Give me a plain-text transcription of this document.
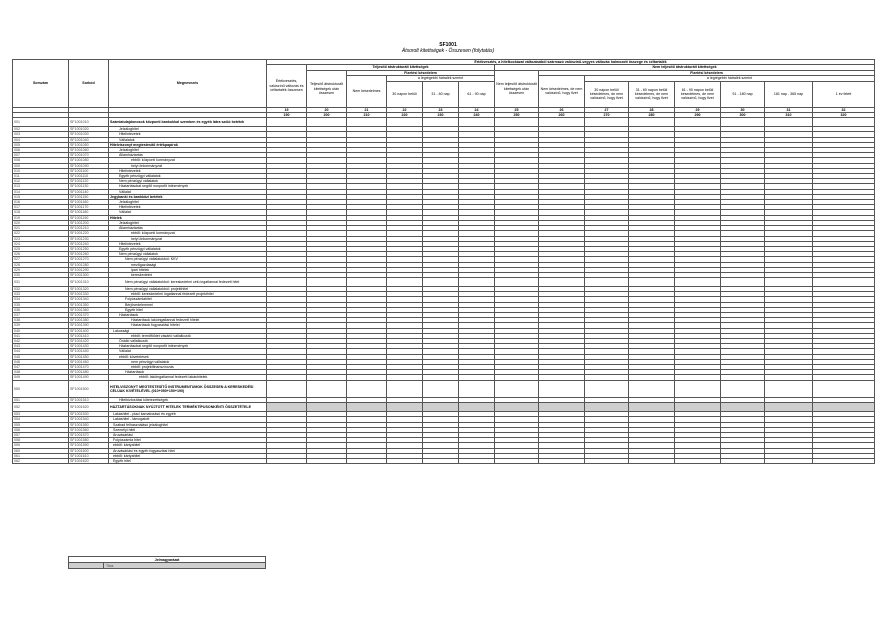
SF1001
Átsorolt kitettségek - Összesen (folytatás)
Sorszám	Sorkód	Megnevezés	Értékvesztés, a hitelkockázat változásából származó valószínű-vegyes változás halmozott összege és céltartalék													
			Értékvesztés, valószínű változás és céltartalék összesen	Teljesítő átstrukturált kitettségek					Nem teljesítő átstrukturált kitettségek							
				Teljesítő átstrukturált kitettségek után összesen	Fizetési késedelem				Nem teljesítő átstrukturált kitettségek után összesen	Fizetési késedelem						
					Nem késedelmes	a legrégebbi hátralék szerint				Nem késedelmes, de nem valószínű, hogy fizet	a legrégebbi hátralék szerint					
						30 napon belüli	31 - 60 nap	61 - 90 nap			30 napon belüli késedelmes, de nem valószínű, hogy fizet	31 - 60 napon belüli késedelmes, de nem valószínű, hogy fizet	61 - 90 napon belüli késedelmes, de nem valószínű, hogy fizet	91 - 180 nap	181 nap - 365 nap	1 év felett
			19	20	21	22	23	24	25	26	27	28	29	30	31	32
			190	200	210	220	230	240	250	260	270	280	290	300	310	320
001	SF1001010	Számlatulajdonosok központi bankokkal szemben és egyéb látra szóló betétek														
002	SF1001020	Jelzáloghitel														
003	SF1001030	Hitelintézetek														
004	SF1001040	Vállalatok														
005	SF1001050	Hitelviszonyt megtestesítő értékpapírok														
006	SF1001060	Jelzáloghitel														
007	SF1001070	Államháztartás														
008	SF1001080	ebből: központi kormányzat														
009	SF1001090	helyi önkormányzat														
010	SF1001100	Hitelintézetek														
011	SF1001110	Egyéb pénzügyi vállalatok														
012	SF1001120	Nem pénzügyi vállalatok														
013	SF1001130	Háztartásokat segítő nonprofit intézmények														
014	SF1001140	Vállalat														
015	SF1001150	Jegybanki és bankközi betétek														
016	SF1001160	Jelzáloghitel														
017	SF1001170	Hitelintézetek														
018	SF1001180	Vállalat														
019	SF1001190	Hitelek														
020	SF1001200	Jelzáloghitel														
021	SF1001210	Államháztartás														
022	SF1001220	ebből: központi kormányzat														
023	SF1001230	helyi önkormányzat														
024	SF1001240	Hitelintézetek														
025	SF1001250	Egyéb pénzügyi vállalatok														
026	SF1001260	Nem pénzügyi vállalatok														
027	SF1001270	Nem pénzügyi vállalatokból: KKV														
028	SF1001280	mezőgazdasági														
029	SF1001290	ipari hitelek														
030	SF1001300	kereskedelmi														
031	SF1001310	Nem pénzügyi vállalatokból: kereskedelmi célú ingatlannal fedezett hitel														
032	SF1001320	Nem pénzügyi vállalatokból: projekthitel														
033	SF1001330	ebből: kereskedelmi ingatlannal fedezett projekthitel														
034	SF1001340	Folyószámlahitel														
035	SF1001350	Bérjövedelemmel														
036	SF1001360	Egyéb hitel														
037	SF1001370	Háztartások														
038	SF1001380	Háztartások lakóingatlannal fedezett hitelei														
039	SF1001390	Háztartások fogyasztási hitelei														
040	SF1001400	Lakossági														
041	SF1001410	ebből: termőföldet vásárló vállalkozók														
042	SF1001420	Önálló vállalkozók														
043	SF1001430	Háztartásokat segítő nonprofit intézmények														
044	SF1001440	Vállalat														
045	SF1001450	ebből: követelések														
046	SF1001460	nem pénzügyi vállalatok														
047	SF1001470	ebből: projektfinanszírozás														
048	SF1001480	Háztartások														
049	SF1001490	ebből: lakóingatlannal fedezett lakáshitelek														
050	SF1001500	HITELVISZONYT MEGTESTESÍTŐ INSTRUMENTUMOK ÖSSZESEN A KERESKEDÉSI CÉLÚAK KIVÉTELÉVEL (010+050+150+190)														
051	SF1001510	Hitelbiztosítási kötelezettségek														
052	SF1001520	HÁZTARTÁSOKNAK NYÚJTOTT HITELEK TERMÉKTÍPUSONKÉNTI ÖSSZETÉTELE														
053	SF1001530	Lakáshitel - piaci kamatozású és egyéb														
054	SF1001540	Lakáshitel - támogatott														
055	SF1001550	Szabad felhasználású jelzáloghitel														
056	SF1001560	Személyi hitel														
057	SF1001570	Áruvásárlási														
058	SF1001580	Folyószámla hitel														
059	SF1001590	ebből: kártyahitel														
060	SF1001600	Áruvásárlási és egyéb fogyasztási hitel														
061	SF1001610	ebből: kártyahitel														
062	SF1001620	Egyéb hitel														
Jelmagyarázat
	Tilos
